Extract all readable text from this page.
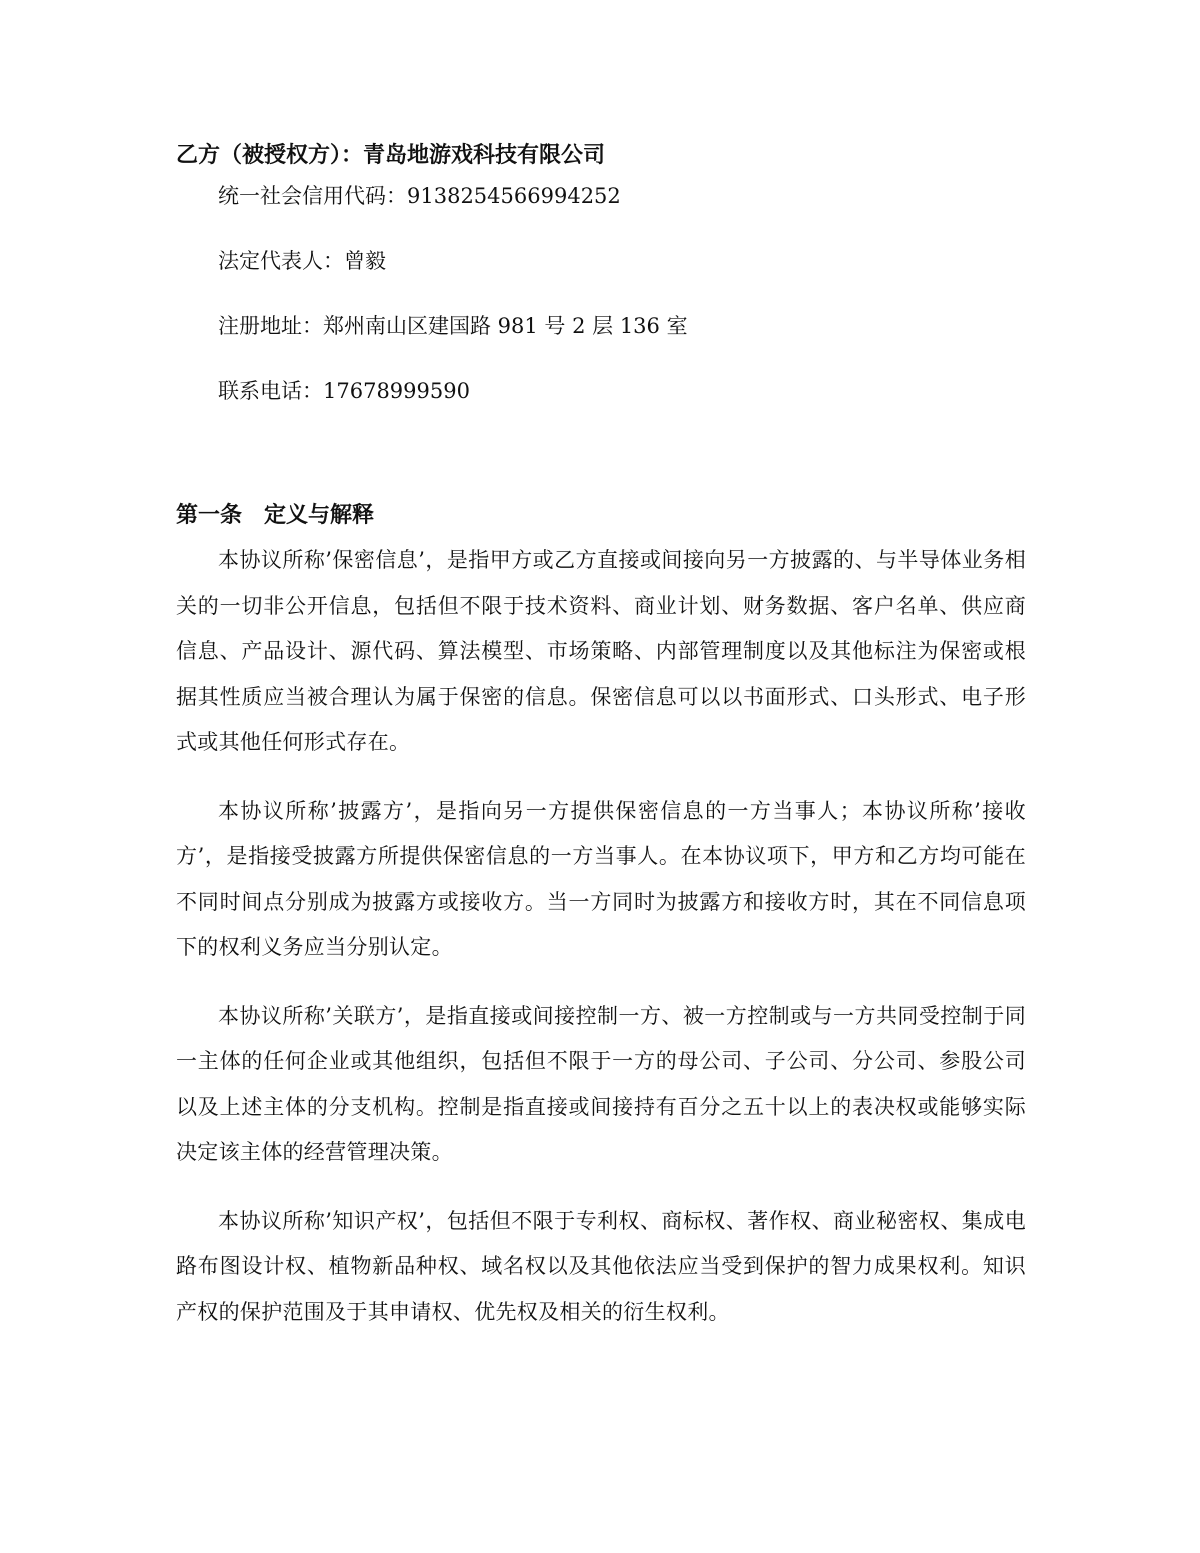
乙方（被授权方）：青岛地游戏科技有限公司

统一社会信用代码：9138254566994252

法定代表人：曾毅

注册地址：郑州南山区建国路 981 号 2 层 136 室

联系电话：17678999590

第一条 定义与解释

本协议所称’保密信息’，是指甲方或乙方直接或间接向另一方披露的、与半导体业务相关的一切非公开信息，包括但不限于技术资料、商业计划、财务数据、客户名单、供应商信息、产品设计、源代码、算法模型、市场策略、内部管理制度以及其他标注为保密或根据其性质应当被合理认为属于保密的信息。保密信息可以以书面形式、口头形式、电子形式或其他任何形式存在。

本协议所称’披露方’，是指向另一方提供保密信息的一方当事人；本协议所称’接收方’，是指接受披露方所提供保密信息的一方当事人。在本协议项下，甲方和乙方均可能在不同时间点分别成为披露方或接收方。当一方同时为披露方和接收方时，其在不同信息项下的权利义务应当分别认定。

本协议所称’关联方’，是指直接或间接控制一方、被一方控制或与一方共同受控制于同一主体的任何企业或其他组织，包括但不限于一方的母公司、子公司、分公司、参股公司以及上述主体的分支机构。控制是指直接或间接持有百分之五十以上的表决权或能够实际决定该主体的经营管理决策。

本协议所称’知识产权’，包括但不限于专利权、商标权、著作权、商业秘密权、集成电路布图设计权、植物新品种权、域名权以及其他依法应当受到保护的智力成果权利。知识产权的保护范围及于其申请权、优先权及相关的衍生权利。
